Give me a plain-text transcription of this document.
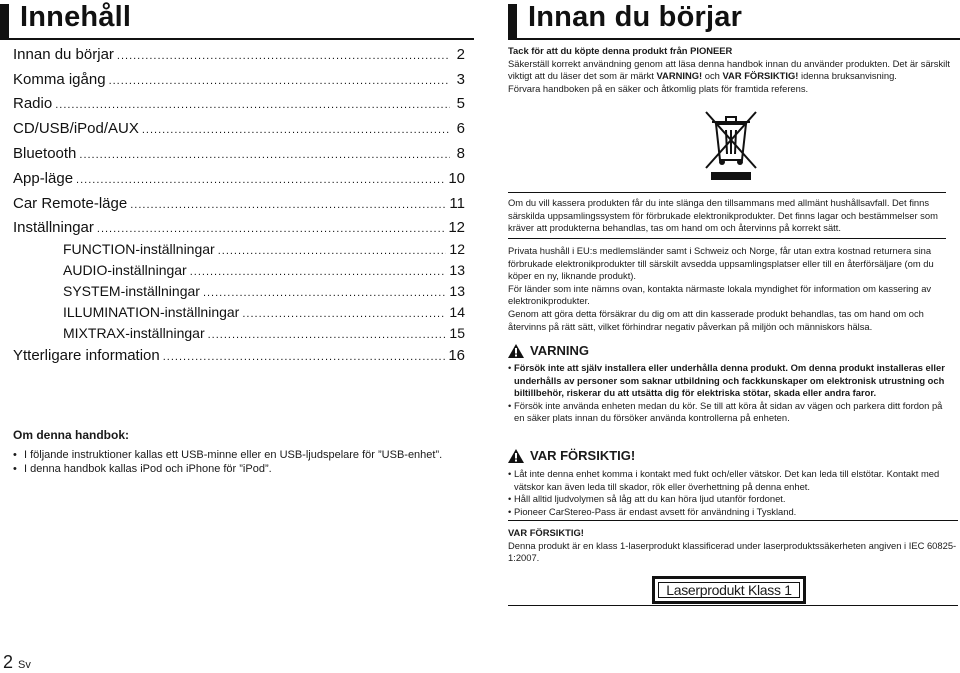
Innehåll
Innan du börjar .....	2
Komma igång .....	3
Radio .....	5
CD/USB/iPod/AUX .....	6
Bluetooth .....	8
App-läge .....	10
Car Remote-läge .....	11
Inställningar .....	12
FUNCTION-inställningar .....	12
AUDIO-inställningar .....	13
SYSTEM-inställningar .....	13
ILLUMINATION-inställningar .....	14
MIXTRAX-inställningar .....	15
Ytterligare information .....	16
Om denna handbok:
• I följande instruktioner kallas ett USB-minne eller en USB-ljudspelare för ”USB-enhet”.
• I denna handbok kallas iPod och iPhone för ”iPod”.
2 Sv
Innan du börjar

Tack för att du köpte denna produkt från PIONEER

Säkerställ korrekt användning genom att läsa denna handbok innan du använder produkten. Det är särskilt viktigt att du läser det som är märkt VARNING! och VAR FÖRSIKTIG! idenna bruksanvisning.

Förvara handboken på en säker och åtkomlig plats för framtida referens.

Om du vill kassera produkten får du inte slänga den tillsammans med allmänt hushållsavfall. Det finns särskilda uppsamlingssystem för förbrukade elektronikprodukter. Det finns lagar och bestämmelser som kräver att produkterna behandlas, tas om hand om och återvinns på korrekt sätt.

Privata hushåll i EU:s medlemsländer samt i Schweiz och Norge, får utan extra kostnad returnera sina förbrukade elektronikprodukter till särskilt avsedda uppsamlingsplatser eller till en återförsäljare (om du köper en ny, liknande produkt).

För länder som inte nämns ovan, kontakta närmaste lokala myndighet för information om kassering av elektronikprodukter.

Genom att göra detta försäkrar du dig om att din kasserade produkt behandlas, tas om hand om och återvinns på rätt sätt, vilket förhindrar negativ påverkan på miljön och människors hälsa.

VARNING
• Försök inte att själv installera eller underhålla denna produkt. Om denna produkt installeras eller underhålls av personer som saknar utbildning och fackkunskaper om elektronisk utrustning och biltillbehör, riskerar du att utsätta dig för elektriska stötar, skada eller andra faror.
• Försök inte använda enheten medan du kör. Se till att köra åt sidan av vägen och parkera ditt fordon på en säker plats innan du försöker använda kontrollerna på enheten.
VAR FÖRSIKTIG!
• Låt inte denna enhet komma i kontakt med fukt och/eller vätskor. Det kan leda till elstötar. Kontakt med vätskor kan även leda till skador, rök eller överhettning på denna enhet.
• Håll alltid ljudvolymen så låg att du kan höra ljud utanför fordonet.
• Pioneer CarStereo-Pass är endast avsett för användning i Tyskland.
VAR FÖRSIKTIG!
Denna produkt är en klass 1-laserprodukt klassificerad under laserproduktssäkerheten angiven i IEC 60825-1:2007.
Laserprodukt Klass 1
